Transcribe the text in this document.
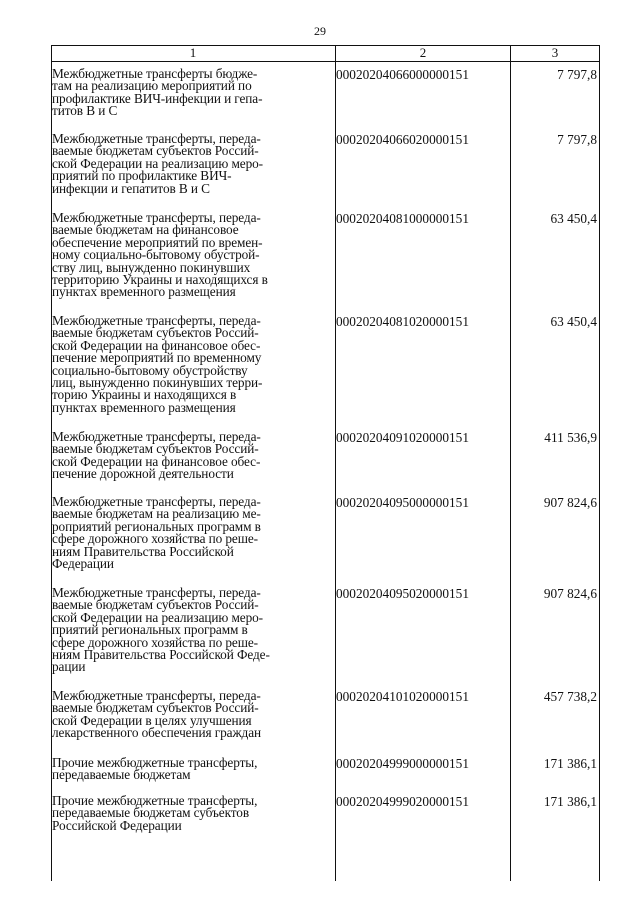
29
1	2	3
Межбюджетные трансферты бюдже-
там на реализацию мероприятий по
профилактике ВИЧ-инфекции и гепа-
титов В и С
00020204066000000151	7 797,8
Межбюджетные трансферты, переда-
ваемые бюджетам субъектов Россий-
ской Федерации на реализацию меро-
приятий по профилактике ВИЧ-
инфекции и гепатитов В и С
00020204066020000151	7 797,8
Межбюджетные трансферты, переда-
ваемые бюджетам на финансовое
обеспечение мероприятий по времен-
ному социально-бытовому обустрой-
ству лиц, вынужденно покинувших
территорию Украины и находящихся в
пунктах временного размещения
00020204081000000151	63 450,4
Межбюджетные трансферты, переда-
ваемые бюджетам субъектов Россий-
ской Федерации на финансовое обес-
печение мероприятий по временному
социально-бытовому обустройству
лиц, вынужденно покинувших терри-
торию Украины и находящихся в
пунктах временного размещения
00020204081020000151	63 450,4
Межбюджетные трансферты, переда-
ваемые бюджетам субъектов Россий-
ской Федерации на финансовое обес-
печение дорожной деятельности
00020204091020000151	411 536,9
Межбюджетные трансферты, переда-
ваемые бюджетам на реализацию ме-
роприятий региональных программ в
сфере дорожного хозяйства по реше-
ниям Правительства Российской
Федерации
00020204095000000151	907 824,6
Межбюджетные трансферты, переда-
ваемые бюджетам субъектов Россий-
ской Федерации на реализацию меро-
приятий региональных программ в
сфере дорожного хозяйства по реше-
ниям Правительства Российской Феде-
рации
00020204095020000151	907 824,6
Межбюджетные трансферты, переда-
ваемые бюджетам субъектов Россий-
ской Федерации в целях улучшения
лекарственного обеспечения граждан
00020204101020000151	457 738,2
Прочие межбюджетные трансферты,
передаваемые бюджетам
00020204999000000151	171 386,1
Прочие межбюджетные трансферты,
передаваемые бюджетам субъектов
Российской Федерации
00020204999020000151	171 386,1
